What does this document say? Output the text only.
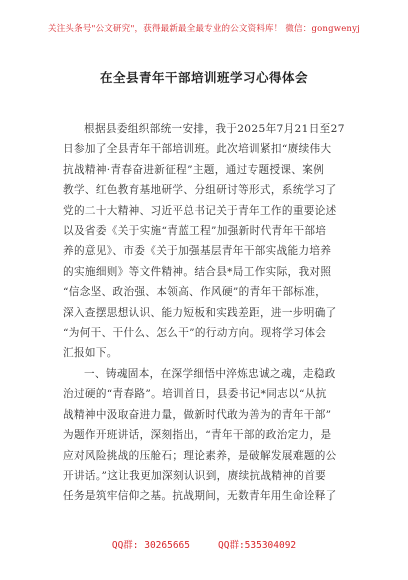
关注头条号"公文研究"，获得最新最全最专业的公文资料库！ 微信：gongwenyj
在全县青年干部培训班学习心得体会
根据县委组织部统一安排，我于2025年7月21日至27
日参加了全县青年干部培训班。此次培训紧扣“赓续伟大
抗战精神·青春奋进新征程”主题，通过专题授课、案例
教学、红色教育基地研学、分组研讨等形式，系统学习了
党的二十大精神、习近平总书记关于青年工作的重要论述
以及省委《关于实施“青蓝工程”加强新时代青年干部培
养的意见》、市委《关于加强基层青年干部实战能力培养
的实施细则》等文件精神。结合县*局工作实际，我对照
“信念坚、政治强、本领高、作风硬”的青年干部标准，
深入查摆思想认识、能力短板和实践差距，进一步明确了
“为何干、干什么、怎么干”的行动方向。现将学习体会
汇报如下。
一、铸魂固本，在深学细悟中淬炼忠诚之魂，走稳政
治过硬的“青春路”。培训首日，县委书记*同志以“从抗
战精神中汲取奋进力量，做新时代敢为善为的青年干部”
为题作开班讲话，深刻指出，“青年干部的政治定力，是
应对风险挑战的压舱石；理论素养，是破解发展难题的公
开讲话。”这让我更加深刻认识到，赓续抗战精神的首要
任务是筑牢信仰之基。抗战期间，无数青年用生命诠释了
QQ群: 30265665	QQ群:535304092
